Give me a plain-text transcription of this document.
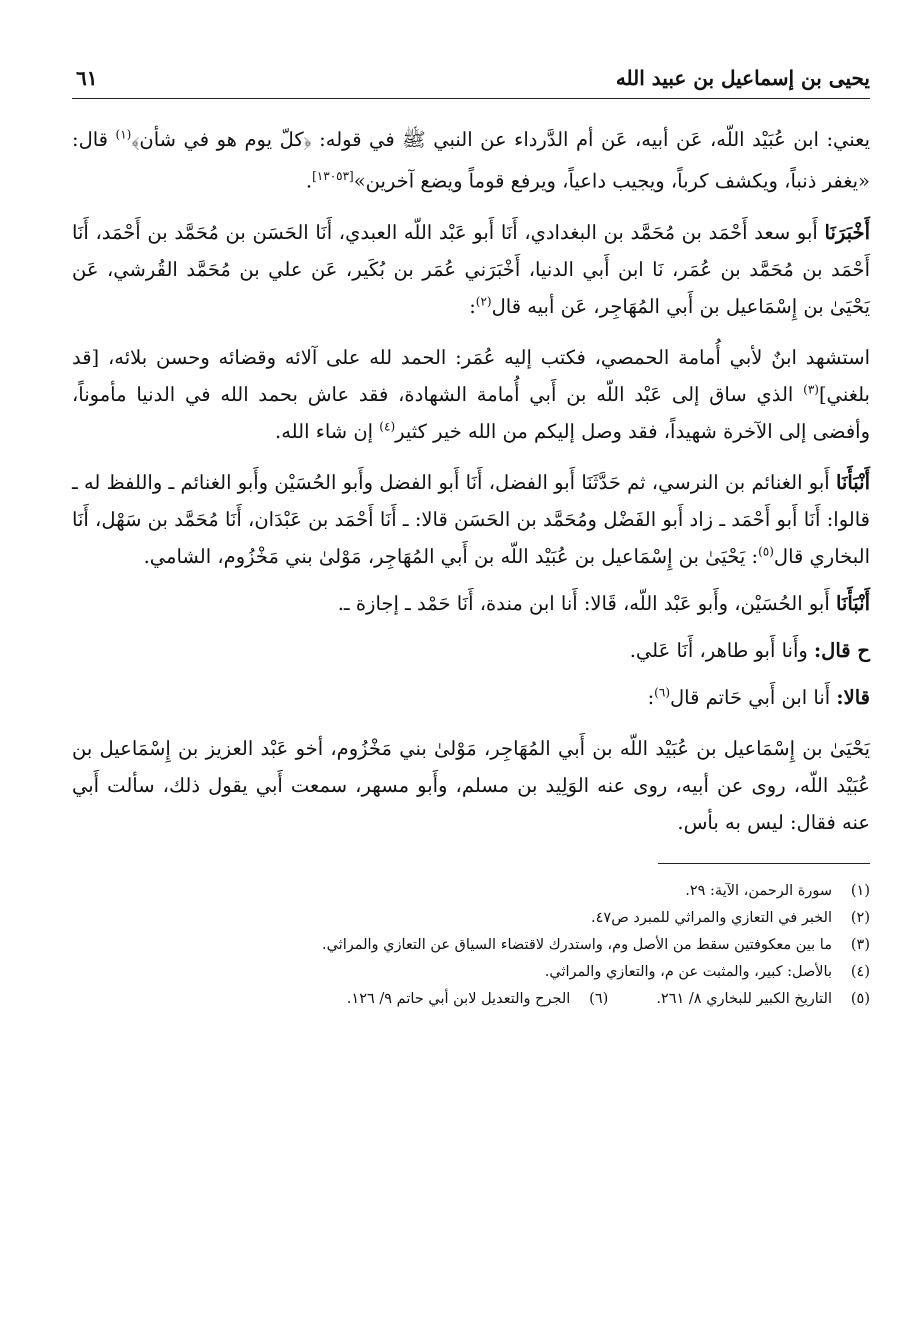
يحيى بن إسماعيل بن عبيد الله
٦١

يعني: ابن عُبَيْد اللّه، عَن أبيه، عَن أم الدَّرداء عن النبي ﷺ في قوله: ﴿كلّ يوم هو في شأن﴾$^{(١)}$ قال: «يغفر ذنباً، ويكشف كرباً، ويجيب داعياً، ويرفع قوماً ويضع آخرين»[١٣٠٥٣].

أَخْبَرَنَا أَبو سعد أَحْمَد بن مُحَمَّد بن البغدادي، أَنَا أَبو عَبْد اللّه العبدي، أَنَا الحَسَن بن مُحَمَّد بن أَحْمَد، أَنَا أَحْمَد بن مُحَمَّد بن عُمَر، نَا ابن أَبي الدنيا، أَخْبَرَني عُمَر بن بُكَير، عَن علي بن مُحَمَّد القُرشي، عَن يَحْيَىٰ بن إِسْمَاعيل بن أَبي المُهَاجِر، عَن أبيه قال$^{(٢)}$:

استشهد ابنٌ لأبي أُمامة الحمصي، فكتب إليه عُمَر: الحمد لله على آلائه وقضائه وحسن بلائه، [قد بلغني]$^{(٣)}$ الذي ساق إلى عَبْد اللّه بن أَبي أُمامة الشهادة، فقد عاش بحمد الله في الدنيا مأموناً، وأفضى إلى الآخرة شهيداً، فقد وصل إليكم من الله خير كثير$^{(٤)}$ إن شاء الله.

أَنْبَأَنَا أَبو الغنائم بن النرسي، ثم حَدَّثَنَا أَبو الفضل، أَنَا أَبو الفضل وأَبو الحُسَيْن وأَبو الغنائم ـ واللفظ له ـ قالوا: أَنَا أَبو أَحْمَد ـ زاد أَبو الفَضْل ومُحَمَّد بن الحَسَن قالا: ـ أَنَا أَحْمَد بن عَبْدَان، أَنَا مُحَمَّد بن سَهْل، أَنَا البخاري قال$^{(٥)}$: يَحْيَىٰ بن إِسْمَاعيل بن عُبَيْد اللّه بن أَبي المُهَاجِر، مَوْلىٰ بني مَخْزُوم، الشامي.

أَنْبَأَنَا أَبو الحُسَيْن، وأَبو عَبْد اللّه، قَالا: أَنا ابن مندة، أَنَا حَمْد ـ إجازة ـ.

ح قال: وأَنا أَبو طاهر، أَنَا عَلي.

قالا: أَنا ابن أَبي حَاتم قال$^{(٦)}$:

يَحْيَىٰ بن إِسْمَاعيل بن عُبَيْد اللّه بن أَبي المُهَاجِر، مَوْلىٰ بني مَخْزُوم، أخو عَبْد العزيز بن إِسْمَاعيل بن عُبَيْد اللّه، روى عن أبيه، روى عنه الوَلِيد بن مسلم، وأَبو مسهر، سمعت أَبي يقول ذلك، سألت أَبي عنه فقال: ليس به بأس.

(١)
سورة الرحمن، الآية: ٢٩.
(٢)
الخبر في التعازي والمراثي للمبرد ص٤٧.
(٣)
ما بين معكوفتين سقط من الأصل وم، واستدرك لاقتضاء السياق عن التعازي والمراثي.
(٤)
بالأصل: كبير، والمثبت عن م، والتعازي والمراثي.
(٥)
التاريخ الكبير للبخاري ٨/ ٢٦١.
(٦)
الجرح والتعديل لابن أبي حاتم ٩/ ١٢٦.
